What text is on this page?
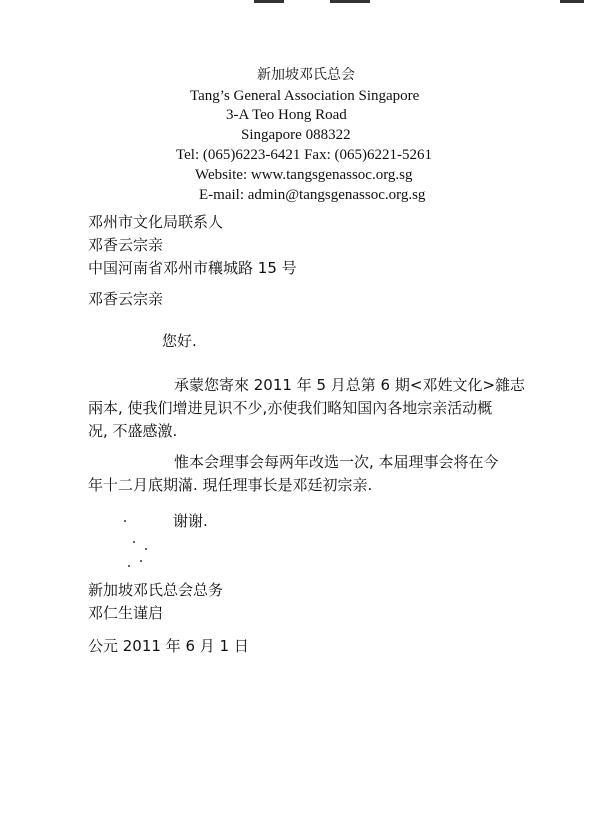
新加坡邓氏总会
Tang’s General Association Singapore
3-A Teo Hong Road
Singapore 088322
Tel: (065)6223-6421 Fax: (065)6221-5261
Website: www.tangsgenassoc.org.sg
E-mail: admin@tangsgenassoc.org.sg
邓州市文化局联系人
邓香云宗亲
中国河南省邓州市穰城路 15 号
邓香云宗亲
您好.
承蒙您寄來 2011 年 5 月总第 6 期<邓姓文化>雜志
兩本, 使我们增进見识不少,亦使我们略知国內各地宗亲活动概
况, 不盛感激.
惟本会理事会每两年改选一次, 本届理事会将在今
年十二月底期滿. 現任理事长是邓廷初宗亲.
谢谢.
新加坡邓氏总会总务
邓仁生谨启
公元 2011 年 6 月 1 日
